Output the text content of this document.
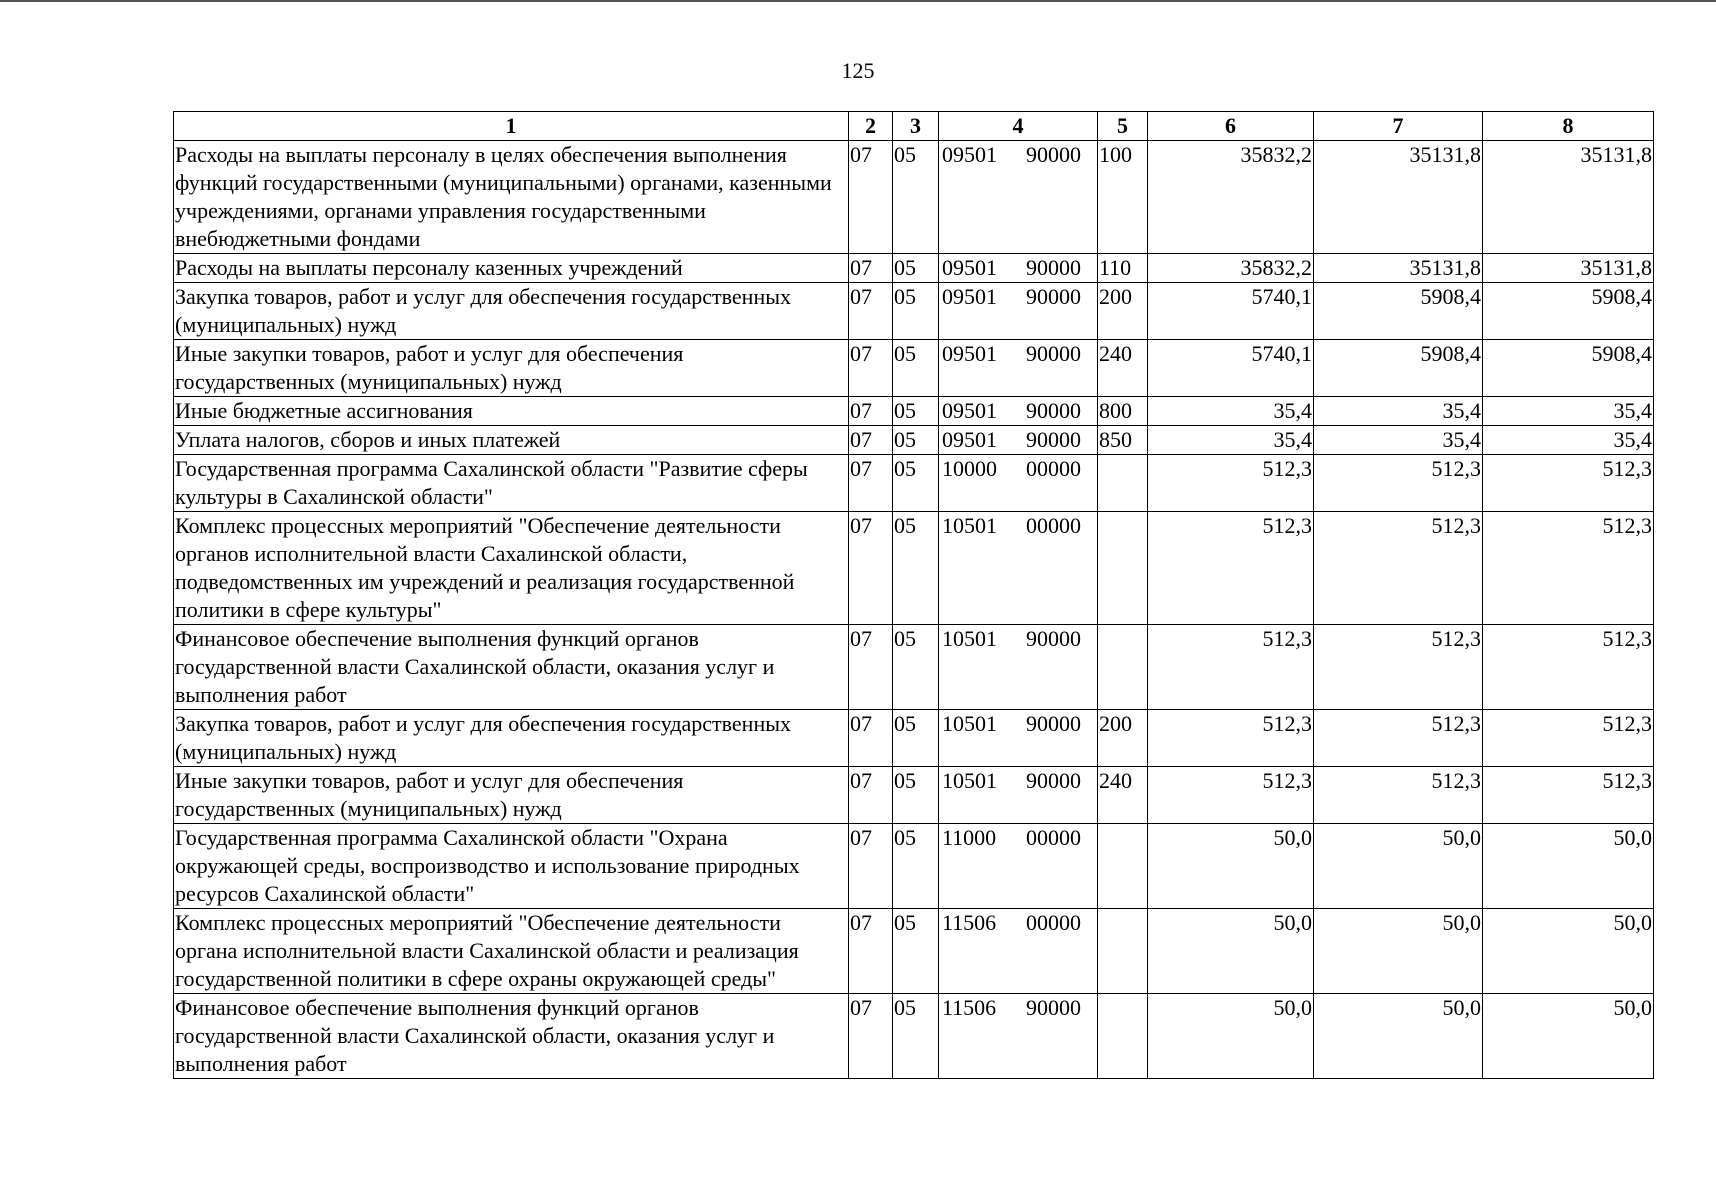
125
1	2	3	4	5	6	7	8
Расходы на выплаты персоналу в целях обеспечения выполнения функций государственными (муниципальными) органами, казенными учреждениями, органами управления государственными внебюджетными фондами	07	05	09501 90000	100	35832,2	35131,8	35131,8
Расходы на выплаты персоналу казенных учреждений	07	05	09501 90000	110	35832,2	35131,8	35131,8
Закупка товаров, работ и услуг для обеспечения государственных (муниципальных) нужд	07	05	09501 90000	200	5740,1	5908,4	5908,4
Иные закупки товаров, работ и услуг для обеспечения государственных (муниципальных) нужд	07	05	09501 90000	240	5740,1	5908,4	5908,4
Иные бюджетные ассигнования	07	05	09501 90000	800	35,4	35,4	35,4
Уплата налогов, сборов и иных платежей	07	05	09501 90000	850	35,4	35,4	35,4
Государственная программа Сахалинской области "Развитие сферы культуры в Сахалинской области"	07	05	10000 00000		512,3	512,3	512,3
Комплекс процессных мероприятий "Обеспечение деятельности органов исполнительной власти Сахалинской области, подведомственных им учреждений и реализация государственной политики в сфере культуры"	07	05	10501 00000		512,3	512,3	512,3
Финансовое обеспечение выполнения функций органов государственной власти Сахалинской области, оказания услуг и выполнения работ	07	05	10501 90000		512,3	512,3	512,3
Закупка товаров, работ и услуг для обеспечения государственных (муниципальных) нужд	07	05	10501 90000	200	512,3	512,3	512,3
Иные закупки товаров, работ и услуг для обеспечения государственных (муниципальных) нужд	07	05	10501 90000	240	512,3	512,3	512,3
Государственная программа Сахалинской области "Охрана окружающей среды, воспроизводство и использование природных ресурсов Сахалинской области"	07	05	11000 00000		50,0	50,0	50,0
Комплекс процессных мероприятий "Обеспечение деятельности органа исполнительной власти Сахалинской области и реализация государственной политики в сфере охраны окружающей среды"	07	05	11506 00000		50,0	50,0	50,0
Финансовое обеспечение выполнения функций органов государственной власти Сахалинской области, оказания услуг и выполнения работ	07	05	11506 90000		50,0	50,0	50,0
